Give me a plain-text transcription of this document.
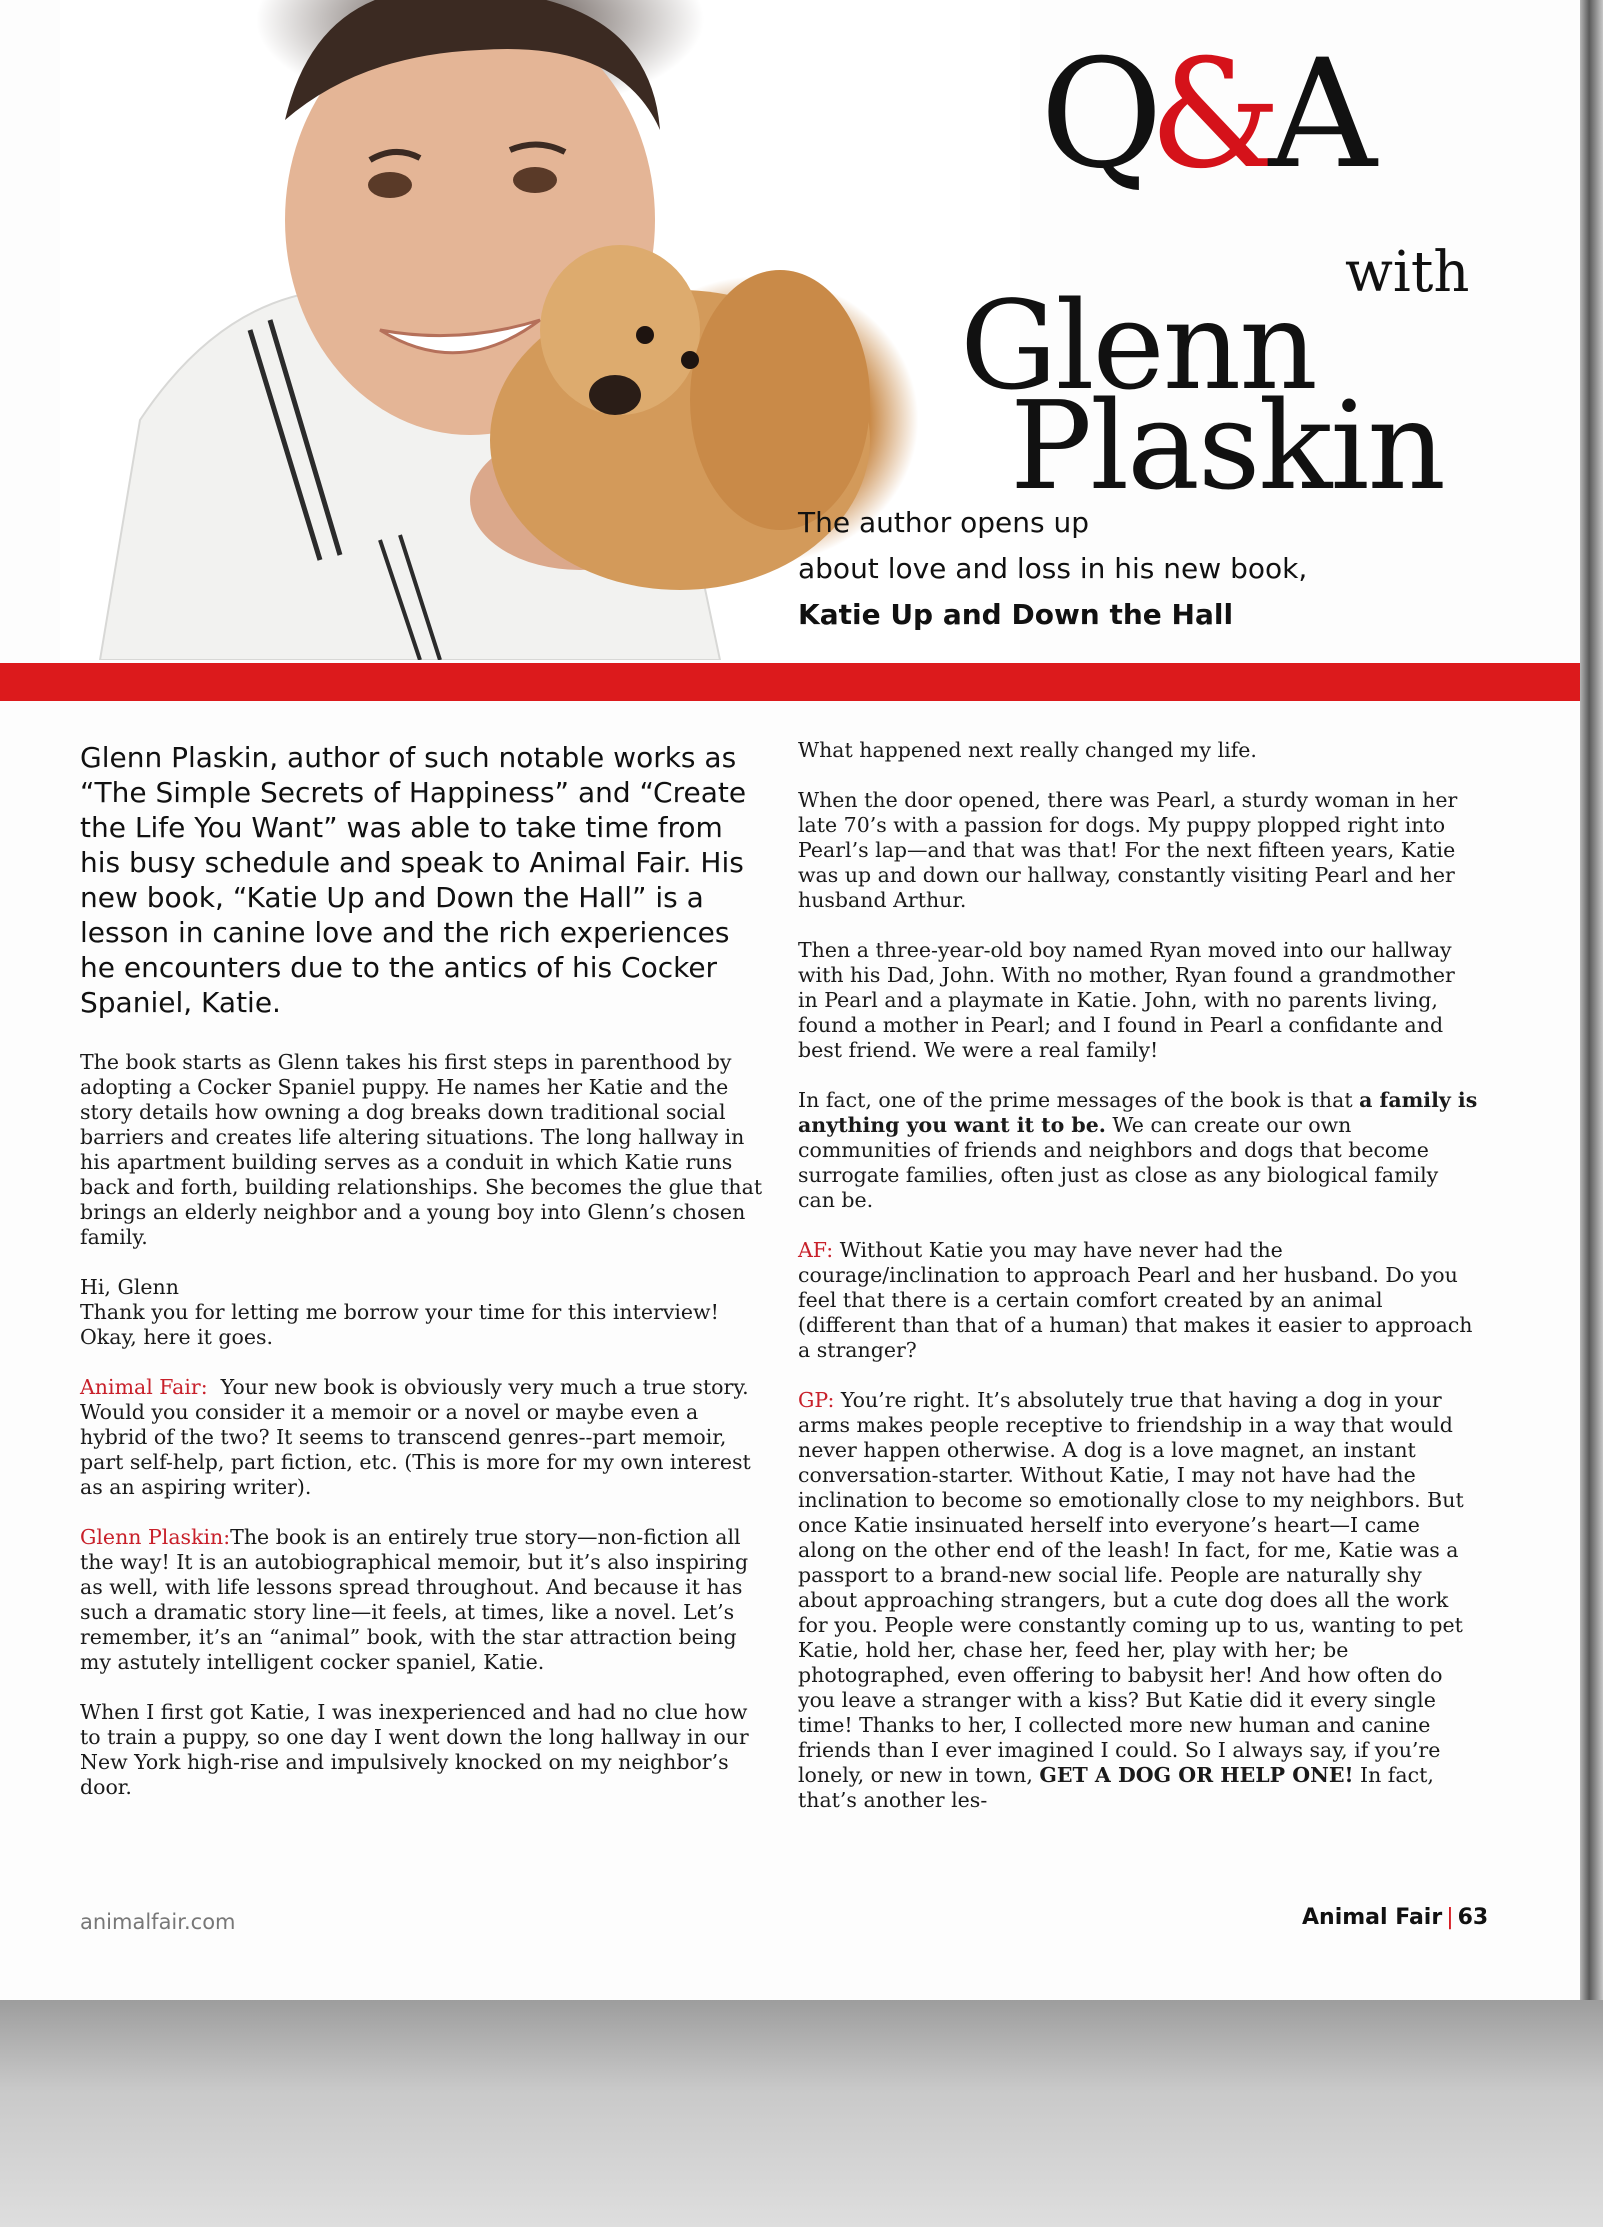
Q&A
with
Glenn
Plaskin
The author opens up
about love and loss in his new book,
Katie Up and Down the Hall

Glenn Plaskin, author of such notable works as “The Simple Secrets of Happiness” and “Create the Life You Want” was able to take time from his busy schedule and speak to Animal Fair. His new book, “Katie Up and Down the Hall” is a lesson in canine love and the rich experiences he encounters due to the antics of his Cocker Spaniel, Katie.

The book starts as Glenn takes his first steps in parenthood by adopting a Cocker Spaniel puppy. He names her Katie and the story details how owning a dog breaks down traditional social barriers and creates life altering situations. The long hallway in his apartment building serves as a conduit in which Katie runs back and forth, building relationships. She becomes the glue that brings an elderly neighbor and a young boy into Glenn’s chosen family.

Hi, Glenn
Thank you for letting me borrow your time for this interview! Okay, here it goes.

Animal Fair: Your new book is obviously very much a true story. Would you consider it a memoir or a novel or maybe even a hybrid of the two? It seems to transcend genres--part memoir, part self-help, part fiction, etc. (This is more for my own interest as an aspiring writer).

Glenn Plaskin:The book is an entirely true story—non-fiction all the way! It is an autobiographical memoir, but it’s also inspiring as well, with life lessons spread throughout. And because it has such a dramatic story line—it feels, at times, like a novel. Let’s remember, it’s an “animal” book, with the star attraction being my astutely intelligent cocker spaniel, Katie.

When I first got Katie, I was inexperienced and had no clue how to train a puppy, so one day I went down the long hallway in our New York high-rise and impulsively knocked on my neighbor’s door.

What happened next really changed my life.

When the door opened, there was Pearl, a sturdy woman in her late 70’s with a passion for dogs. My puppy plopped right into Pearl’s lap—and that was that! For the next fifteen years, Katie was up and down our hallway, constantly visiting Pearl and her husband Arthur.

Then a three-year-old boy named Ryan moved into our hallway with his Dad, John. With no mother, Ryan found a grandmother in Pearl and a playmate in Katie. John, with no parents living, found a mother in Pearl; and I found in Pearl a confidante and best friend. We were a real family!

In fact, one of the prime messages of the book is that a family is anything you want it to be. We can create our own communities of friends and neighbors and dogs that become surrogate families, often just as close as any biological family can be.

AF: Without Katie you may have never had the courage/inclination to approach Pearl and her husband. Do you feel that there is a certain comfort created by an animal (different than that of a human) that makes it easier to approach a stranger?

GP: You’re right. It’s absolutely true that having a dog in your arms makes people receptive to friendship in a way that would never happen otherwise. A dog is a love magnet, an instant conversation-starter. Without Katie, I may not have had the inclination to become so emotionally close to my neighbors. But once Katie insinuated herself into everyone’s heart—I came along on the other end of the leash! In fact, for me, Katie was a passport to a brand-new social life. People are naturally shy about approaching strangers, but a cute dog does all the work for you. People were constantly coming up to us, wanting to pet Katie, hold her, chase her, feed her, play with her; be photographed, even offering to babysit her! And how often do you leave a stranger with a kiss? But Katie did it every single time! Thanks to her, I collected more new human and canine friends than I ever imagined I could. So I always say, if you’re lonely, or new in town, GET A DOG OR HELP ONE! In fact, that’s another les-

animalfair.com	Animal Fair | 63
